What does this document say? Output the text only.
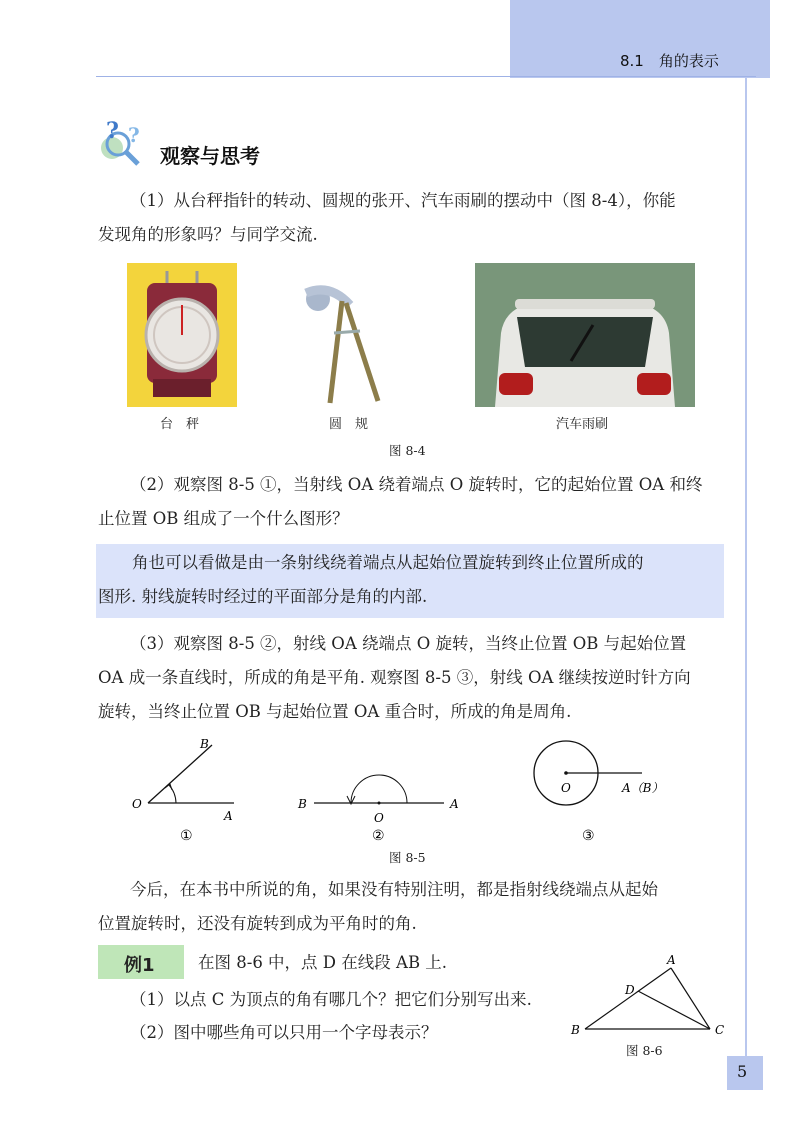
8.1　角的表示
? ?
观察与思考
（1）从台秤指针的转动、圆规的张开、汽车雨刷的摆动中（图 8-4），你能
发现角的形象吗？与同学交流.
台　秤	圆　规	汽车雨刷
图 8-4
（2）观察图 8-5 ①，当射线 OA 绕着端点 O 旋转时，它的起始位置 OA 和终
止位置 OB 组成了一个什么图形？
角也可以看做是由一条射线绕着端点从起始位置旋转到终止位置所成的
图形. 射线旋转时经过的平面部分是角的内部.
（3）观察图 8-5 ②，射线 OA 绕端点 O 旋转，当终止位置 OB 与起始位置
OA 成一条直线时，所成的角是平角. 观察图 8-5 ③，射线 OA 继续按逆时针方向
旋转，当终止位置 OB 与起始位置 OA 重合时，所成的角是周角.
O
A
B
①
B	A
O
②
O	A（B）
③
图 8-5
今后，在本书中所说的角，如果没有特别注明，都是指射线绕端点从起始
位置旋转时，还没有旋转到成为平角时的角.
例1	在图 8-6 中，点 D 在线段 AB 上.
（1）以点 C 为顶点的角有哪几个？把它们分别写出来.
（2）图中哪些角可以只用一个字母表示？
A
B	C
D
图 8-6
5
